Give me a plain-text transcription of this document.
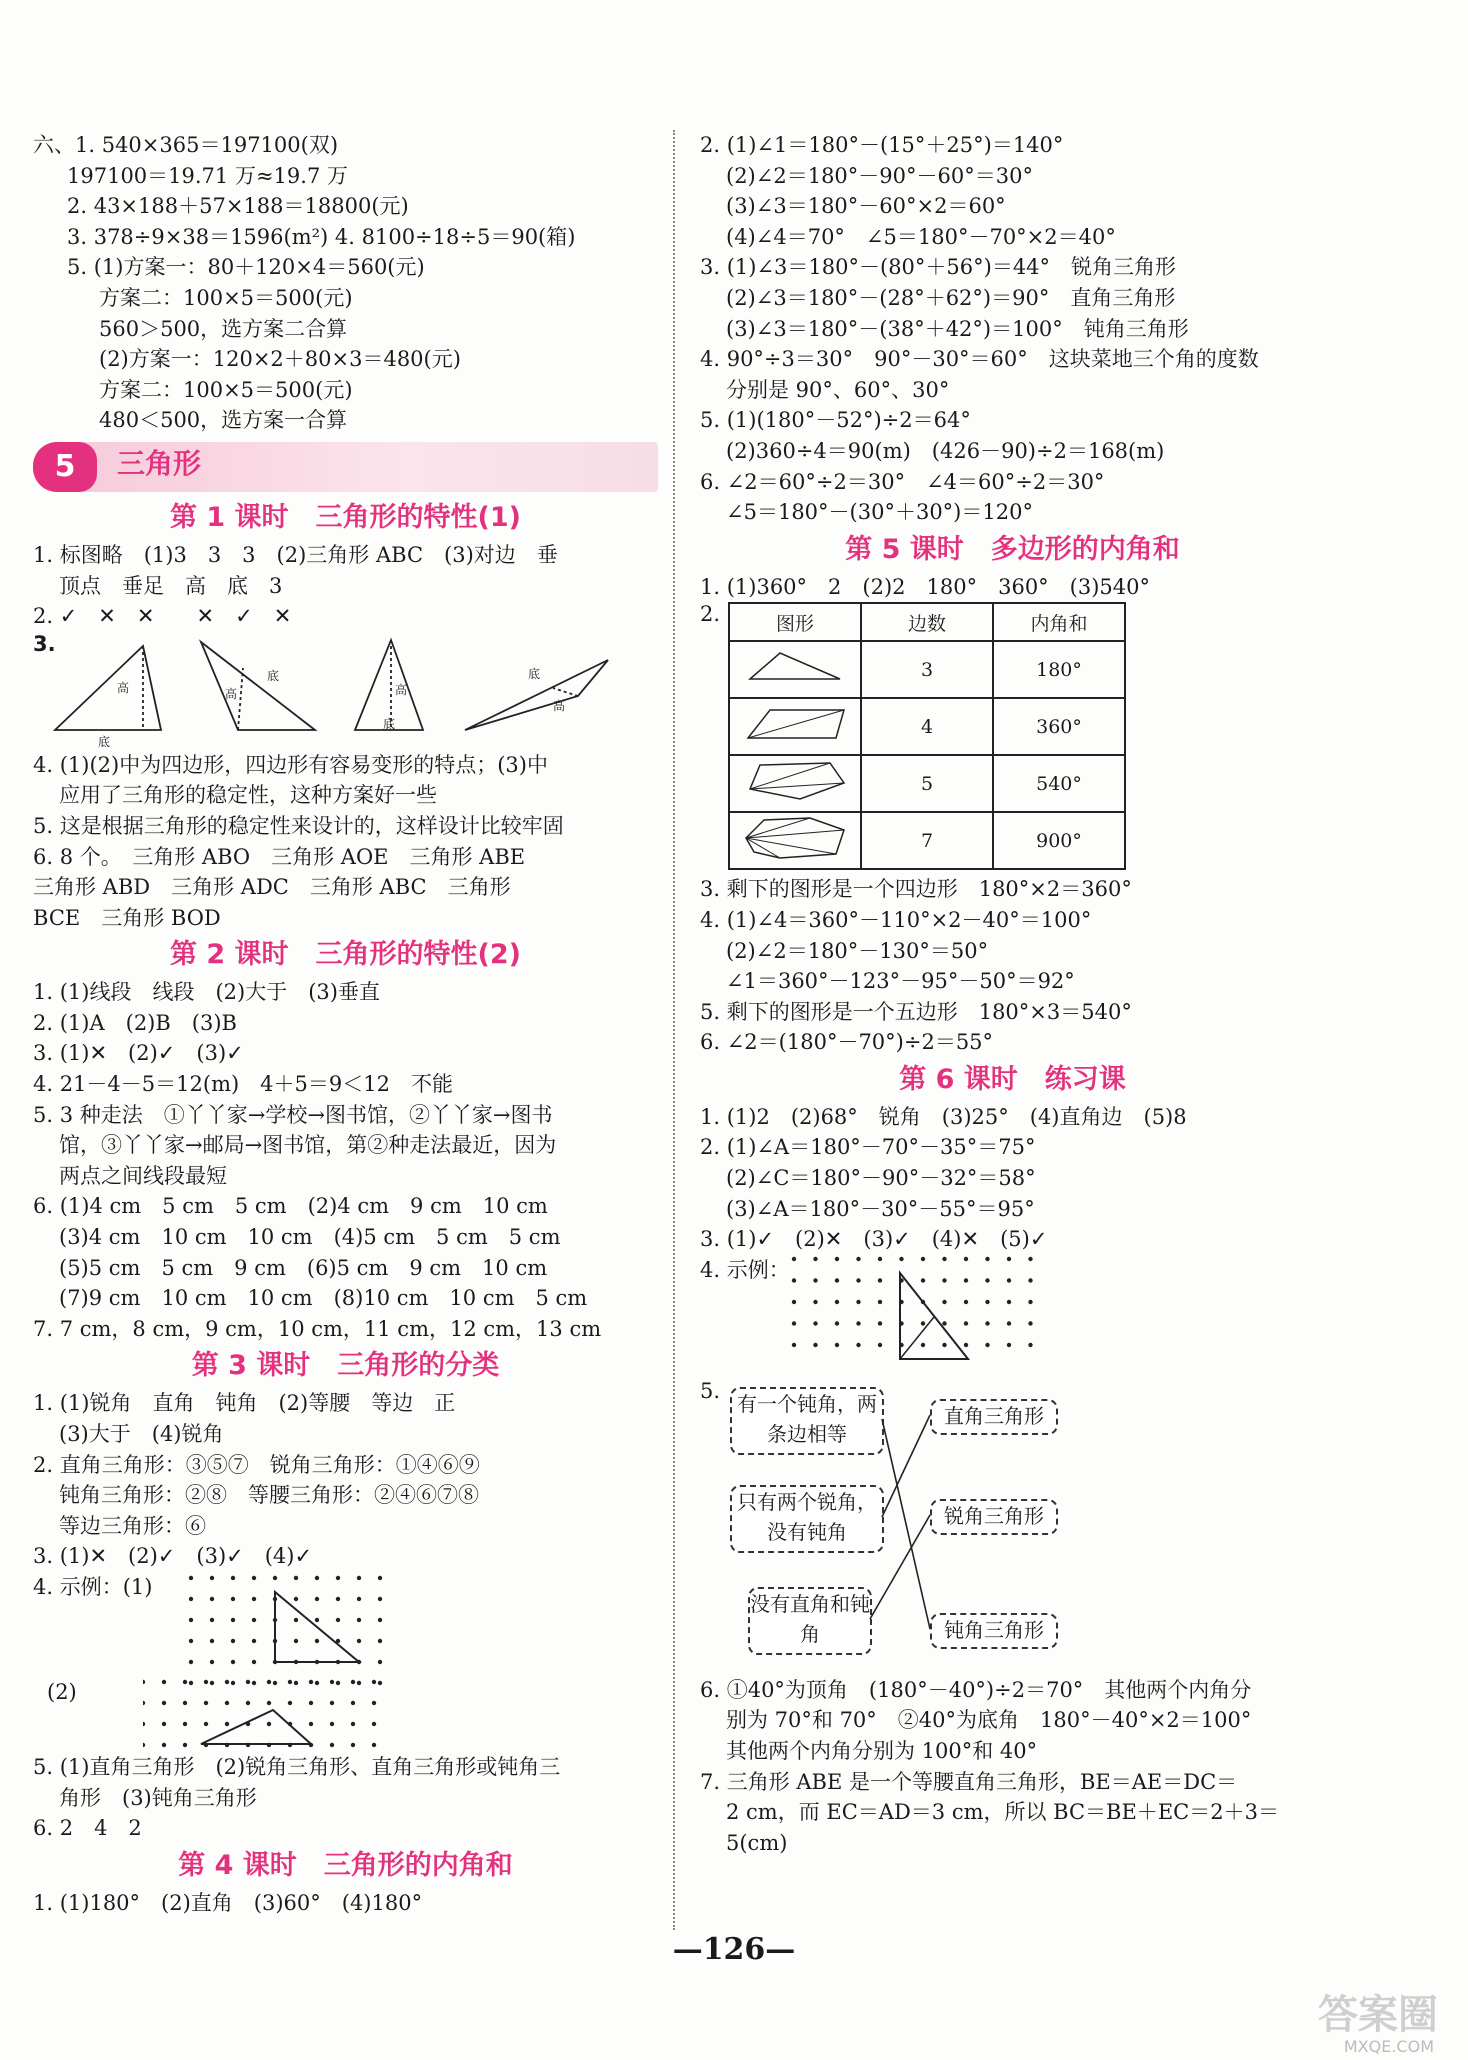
六、1. 540×365＝197100(双)
197100＝19.71 万≈19.7 万
2. 43×188＋57×188＝18800(元)
3. 378÷9×38＝1596(m²) 4. 8100÷18÷5＝90(箱)
5. (1)方案一：80＋120×4＝560(元)
方案二：100×5＝500(元)
560＞500，选方案二合算
(2)方案一：120×2＋80×3＝480(元)
方案二：100×5＝500(元)
480＜500，选方案一合算
5	三角形
第 1 课时　三角形的特性(1)
1. 标图略　(1)3　3　3　(2)三角形 ABC　(3)对边　垂
顶点　垂足　高　底　3
2. ✓　✕　✕　　✕　✓　✕
3.
高
底
底
高	高
底
底
高
4. (1)(2)中为四边形，四边形有容易变形的特点；(3)中
应用了三角形的稳定性，这种方案好一些
5. 这是根据三角形的稳定性来设计的，这样设计比较牢固
6. 8 个。　三角形 ABO　三角形 AOE　三角形 ABE
三角形 ABD　三角形 ADC　三角形 ABC　三角形
BCE　三角形 BOD
第 2 课时　三角形的特性(2)
1. (1)线段　线段　(2)大于　(3)垂直
2. (1)A　(2)B　(3)B
3. (1)✕　(2)✓　(3)✓
4. 21－4－5＝12(m)　4＋5＝9＜12　不能
5. 3 种走法　①丫丫家→学校→图书馆，②丫丫家→图书
馆，③丫丫家→邮局→图书馆，第②种走法最近，因为
两点之间线段最短
6. (1)4 cm　5 cm　5 cm　(2)4 cm　9 cm　10 cm
(3)4 cm　10 cm　10 cm　(4)5 cm　5 cm　5 cm
(5)5 cm　5 cm　9 cm　(6)5 cm　9 cm　10 cm
(7)9 cm　10 cm　10 cm　(8)10 cm　10 cm　5 cm
7. 7 cm，8 cm，9 cm，10 cm，11 cm，12 cm，13 cm
第 3 课时　三角形的分类
1. (1)锐角　直角　钝角　(2)等腰　等边　正
(3)大于　(4)锐角
2. 直角三角形：③⑤⑦　锐角三角形：①④⑥⑨
钝角三角形：②⑧　等腰三角形：②④⑥⑦⑧
等边三角形：⑥
3. (1)✕　(2)✓　(3)✓　(4)✓
4. 示例：(1)
(2)
5. (1)直角三角形　(2)锐角三角形、直角三角形或钝角三
角形　(3)钝角三角形
6. 2　4　2
第 4 课时　三角形的内角和
1. (1)180°　(2)直角　(3)60°　(4)180°
2. (1)∠1＝180°－(15°＋25°)＝140°
(2)∠2＝180°－90°－60°＝30°
(3)∠3＝180°－60°×2＝60°
(4)∠4＝70°　∠5＝180°－70°×2＝40°
3. (1)∠3＝180°－(80°＋56°)＝44°　锐角三角形
(2)∠3＝180°－(28°＋62°)＝90°　直角三角形
(3)∠3＝180°－(38°＋42°)＝100°　钝角三角形
4. 90°÷3＝30°　90°－30°＝60°　这块菜地三个角的度数
分别是 90°、60°、30°
5. (1)(180°－52°)÷2＝64°
(2)360÷4＝90(m)　(426－90)÷2＝168(m)
6. ∠2＝60°÷2＝30°　∠4＝60°÷2＝30°
∠5＝180°－(30°＋30°)＝120°
第 5 课时　多边形的内角和
1. (1)360°　2　(2)2　180°　360°　(3)540°
2.	图形	边数	内角和
	3	180°
	4	360°
	5	540°
	7	900°
3. 剩下的图形是一个四边形　180°×2＝360°
4. (1)∠4＝360°－110°×2－40°＝100°
(2)∠2＝180°－130°＝50°
∠1＝360°－123°－95°－50°＝92°
5. 剩下的图形是一个五边形　180°×3＝540°
6. ∠2＝(180°－70°)÷2＝55°
第 6 课时　练习课
1. (1)2　(2)68°　锐角　(3)25°　(4)直角边　(5)8
2. (1)∠A＝180°－70°－35°＝75°
(2)∠C＝180°－90°－32°＝58°
(3)∠A＝180°－30°－55°＝95°
3. (1)✓　(2)✕　(3)✓　(4)✕　(5)✓
4. 示例：
5.
有一个钝角，两条边相等
只有两个锐角，没有钝角
没有直角和钝角
直角三角形
锐角三角形
钝角三角形
6. ①40°为顶角　(180°－40°)÷2＝70°　其他两个内角分
别为 70°和 70°　②40°为底角　180°－40°×2＝100°
其他两个内角分别为 100°和 40°
7. 三角形 ABE 是一个等腰直角三角形，BE＝AE＝DC＝
2 cm，而 EC＝AD＝3 cm，所以 BC＝BE＋EC＝2＋3＝
5(cm)
—126—
答案圈
MXQE.COM
